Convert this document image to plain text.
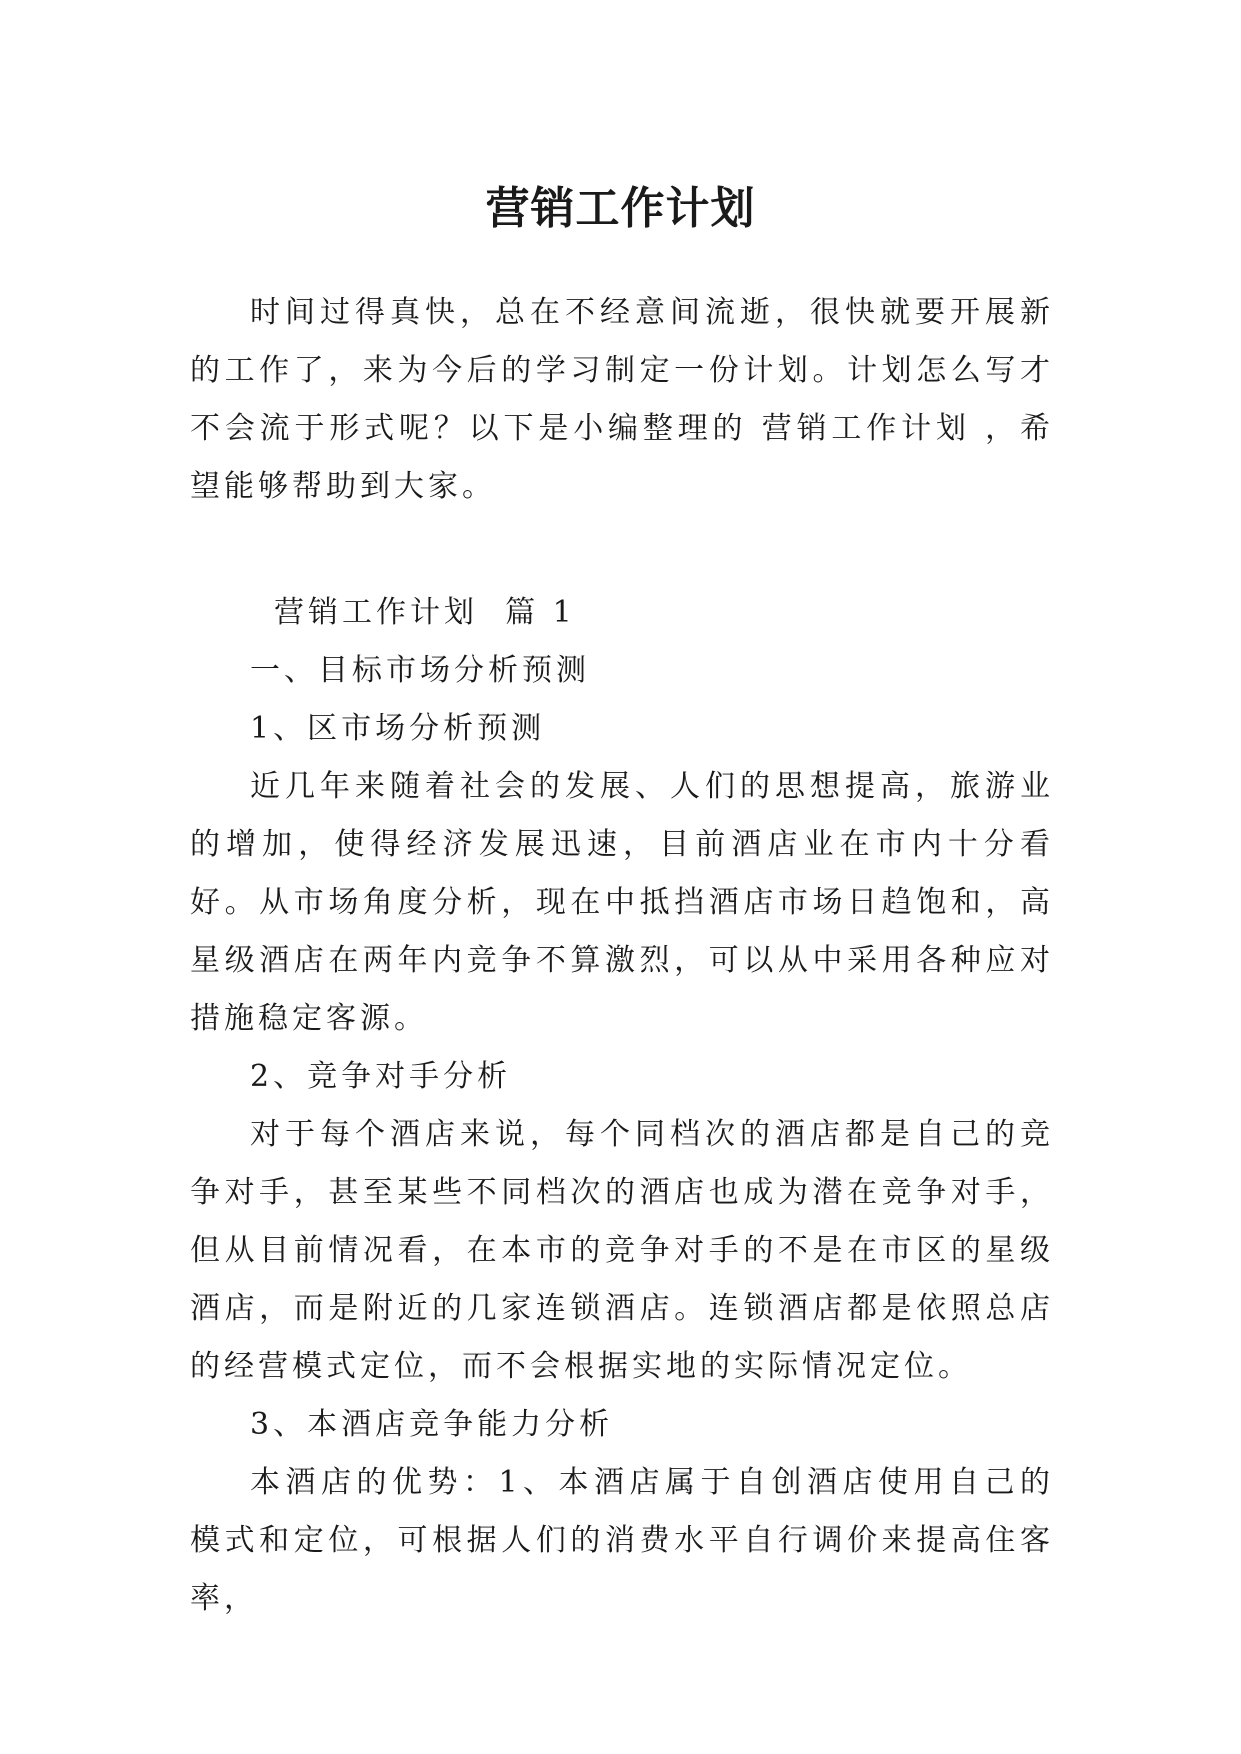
营销工作计划

时间过得真快，总在不经意间流逝，很快就要开展新的工作了，来为今后的学习制定一份计划。计划怎么写才不会流于形式呢？以下是小编整理的 营销工作计划 ，希望能够帮助到大家。

营销工作计划  篇 1

一、目标市场分析预测

1、区市场分析预测

近几年来随着社会的发展、人们的思想提高，旅游业的增加，使得经济发展迅速，目前酒店业在市内十分看好。从市场角度分析，现在中抵挡酒店市场日趋饱和，高星级酒店在两年内竞争不算激烈，可以从中采用各种应对措施稳定客源。

2、竞争对手分析

对于每个酒店来说，每个同档次的酒店都是自己的竞争对手，甚至某些不同档次的酒店也成为潜在竞争对手，但从目前情况看，在本市的竞争对手的不是在市区的星级酒店，而是附近的几家连锁酒店。连锁酒店都是依照总店的经营模式定位，而不会根据实地的实际情况定位。

3、本酒店竞争能力分析

本酒店的优势：1、本酒店属于自创酒店使用自己的模式和定位，可根据人们的消费水平自行调价来提高住客率，
